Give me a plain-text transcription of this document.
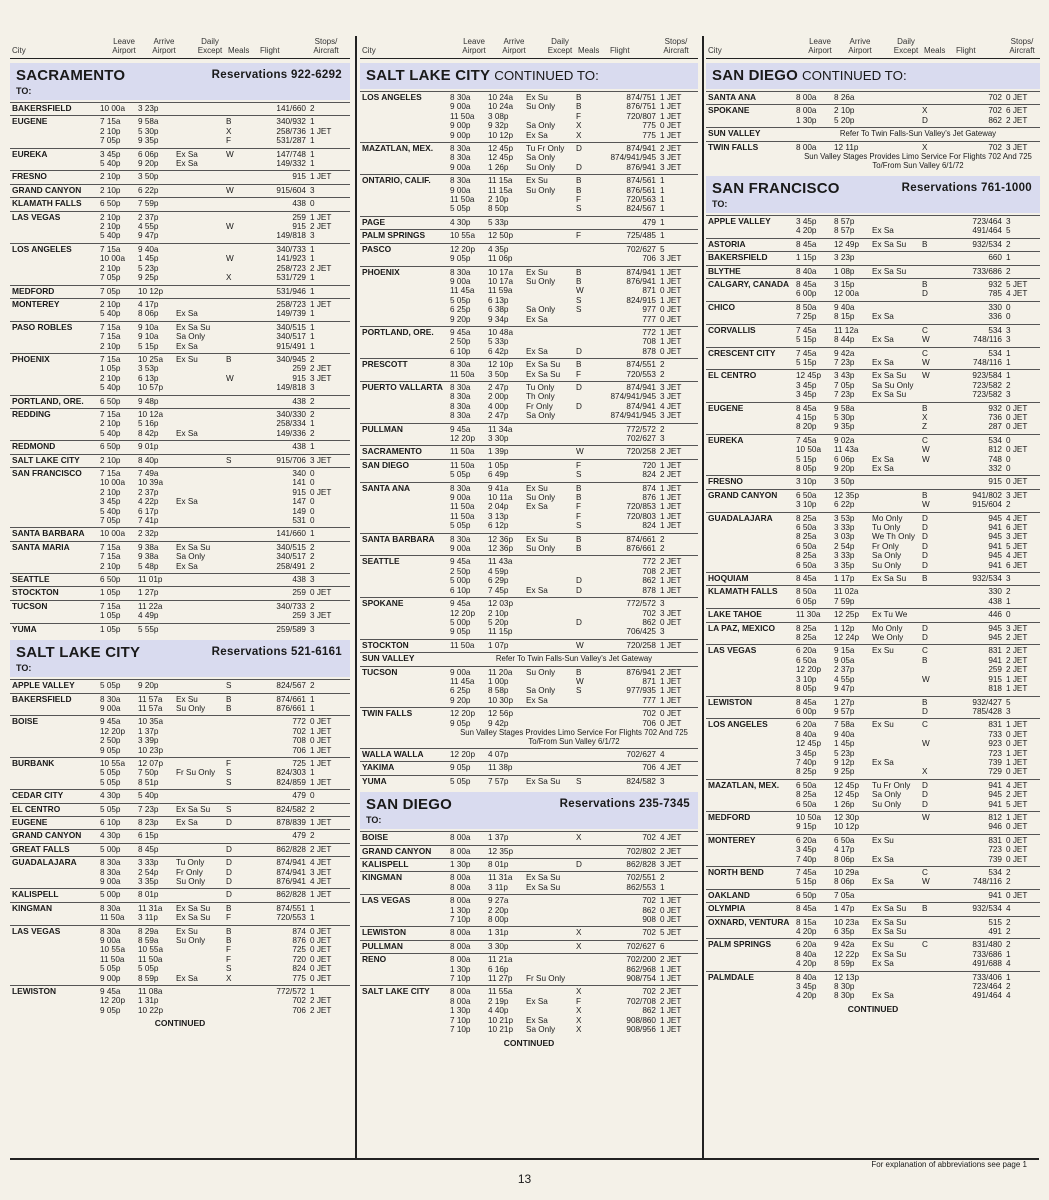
City
Leave Airport
Arrive Airport
Daily Except Meals Flight
Stops/ Aircraft
SACRAMENTO	Reservations 922-6292
TO:
BAKERSFIELD	10 00a	3 23p	141/660 2
EUGENE	7 15a	9 58a	B	340/932 1
2 10p	5 30p	X	258/736 1 JET
7 05p	9 35p	F	531/287 1
EUREKA	3 45p	6 06p	Ex Sa	W	147/748 1
5 40p	9 20p	Ex Sa	149/332 1
FRESNO	2 10p	3 50p	915 1 JET
GRAND CANYON	2 10p	6 22p	W	915/604 3
KLAMATH FALLS	6 50p	7 59p	438 0
LAS VEGAS	2 10p	2 37p	259 1 JET
2 10p	4 55p	W	915 2 JET
5 40p	9 47p	149/818 3
LOS ANGELES	7 15a	9 40a	340/733 1
10 00a	1 45p	W	141/923 1
2 10p	5 23p	258/723 2 JET
7 05p	9 25p	X	531/729 1
MEDFORD	7 05p	10 12p	531/946 1
MONTEREY	2 10p	4 17p	258/723 1 JET
5 40p	8 06p	Ex Sa	149/739 1
PASO ROBLES	7 15a	9 10a	Ex Sa Su	340/515 1
7 15a	9 10a	Sa Only	340/517 1
2 10p	5 15p	Ex Sa	915/491 1
PHOENIX	7 15a	10 25a	Ex Su	B	340/945 2
1 05p	3 53p	259 2 JET
2 10p	6 13p	W	915 3 JET
5 40p	10 57p	149/818 3
PORTLAND, ORE.	6 50p	9 48p	438 2
REDDING	7 15a	10 12a	340/330 2
2 10p	5 16p	258/334 1
5 40p	8 42p	Ex Sa	149/336 2
REDMOND	6 50p	9 01p	438 1
SALT LAKE CITY	2 10p	8 40p	S	915/706 3 JET
SAN FRANCISCO	7 15a	7 49a	340 0
10 00a	10 39a	141 0
2 10p	2 37p	915 0 JET
3 45p	4 22p	Ex Sa	147 0
5 40p	6 17p	149 0
7 05p	7 41p	531 0
SANTA BARBARA	10 00a	2 32p	141/660 1
SANTA MARIA	7 15a	9 38a	Ex Sa Su	340/515 2
7 15a	9 38a	Sa Only	340/517 2
2 10p	5 48p	Ex Sa	258/491 2
SEATTLE	6 50p	11 01p	438 3
STOCKTON	1 05p	1 27p	259 0 JET
TUCSON	7 15a	11 22a	340/733 2
1 05p	4 49p	259 3 JET
YUMA	1 05p	5 55p	259/589 3
SALT LAKE CITY	Reservations 521-6161
TO:
APPLE VALLEY	5 05p	9 20p	S	824/567 2
BAKERSFIELD	8 30a	11 57a	Ex Su	B	874/661 1
9 00a	11 57a	Su Only	B	876/661 1
BOISE	9 45a	10 35a	772 0 JET
12 20p	1 37p	702 1 JET
2 50p	3 39p	708 0 JET
9 05p	10 23p	706 1 JET
BURBANK	10 55a	12 07p	F	725 1 JET
5 05p	7 50p	Fr Su Only	S	824/303 1
5 05p	8 51p	S	824/859 1 JET
CEDAR CITY	4 30p	5 40p	479 0
EL CENTRO	5 05p	7 23p	Ex Sa Su	S	824/582 2
EUGENE	6 10p	8 23p	Ex Sa	D	878/839 1 JET
GRAND CANYON	4 30p	6 15p	479 2
GREAT FALLS	5 00p	8 45p	D	862/828 2 JET
GUADALAJARA	8 30a	3 33p	Tu Only	D	874/941 4 JET
8 30a	2 54p	Fr Only	D	874/941 3 JET
9 00a	3 35p	Su Only	D	876/941 4 JET
KALISPELL	5 00p	8 01p	D	862/828 1 JET
KINGMAN	8 30a	11 31a	Ex Sa Su	B	874/551 1
11 50a	3 11p	Ex Sa Su	F	720/553 1
LAS VEGAS	8 30a	8 29a	Ex Su	B	874 0 JET
9 00a	8 59a	Su Only	B	876 0 JET
10 55a	10 55a	F	725 0 JET
11 50a	11 50a	F	720 0 JET
5 05p	5 05p	S	824 0 JET
9 00p	8 59p	Ex Sa	X	775 0 JET
LEWISTON	9 45a	11 08a	772/572 1
12 20p	1 31p	702 2 JET
9 05p	10 22p	706 2 JET
CONTINUED
City
Leave Airport
Arrive Airport
Daily Except Meals Flight
Stops/ Aircraft
SALT LAKE CITY CONTINUED TO:
LOS ANGELES	8 30a	10 24a	Ex Su	B	874/751 1 JET
9 00a	10 24a	Su Only	B	876/751 1 JET
11 50a	3 08p	F	720/807 1 JET
9 00p	9 32p	Sa Only	X	775 0 JET
9 00p	10 12p	Ex Sa	X	775 1 JET
MAZATLAN, MEX.	8 30a	12 45p	Tu Fr Only	D	874/941 2 JET
8 30a	12 45p	Sa Only	874/941/945 3 JET
9 00a	1 26p	Su Only	D	876/941 3 JET
ONTARIO, CALIF.	8 30a	11 15a	Ex Su	B	874/561 1
9 00a	11 15a	Su Only	B	876/561 1
11 50a	2 10p	F	720/563 1
5 05p	8 50p	S	824/567 1
PAGE	4 30p	5 33p	479 1
PALM SPRINGS	10 55a	12 50p	F	725/485 1
PASCO	12 20p	4 35p	702/627 5
9 05p	11 06p	706 3 JET
PHOENIX	8 30a	10 17a	Ex Su	B	874/941 1 JET
9 00a	10 17a	Su Only	B	876/941 1 JET
11 45a	11 59a	W	871 0 JET
5 05p	6 13p	S	824/915 1 JET
6 25p	6 38p	Sa Only	S	977 0 JET
9 20p	9 34p	Ex Sa	777 0 JET
PORTLAND, ORE.	9 45a	10 48a	772 1 JET
2 50p	5 33p	708 1 JET
6 10p	6 42p	Ex Sa	D	878 0 JET
PRESCOTT	8 30a	12 10p	Ex Sa Su	B	874/551 2
11 50a	3 50p	Ex Sa Su	F	720/553 2
PUERTO VALLARTA 8 30a	2 47p	Tu Only	D	874/941 3 JET
8 30a	2 00p	Th Only	874/941/945 3 JET
8 30a	4 00p	Fr Only	D	874/941 4 JET
8 30a	2 47p	Sa Only	874/941/945 3 JET
PULLMAN	9 45a	11 34a	772/572 2
12 20p	3 30p	702/627 3
SACRAMENTO	11 50a	1 39p	W	720/258 2 JET
SAN DIEGO	11 50a	1 05p	F	720 1 JET
5 05p	6 49p	S	824 2 JET
SANTA ANA	8 30a	9 41a	Ex Su	B	874 1 JET
9 00a	10 11a	Su Only	B	876 1 JET
11 50a	2 04p	Ex Sa	F	720/853 1 JET
11 50a	3 13p	F	720/803 1 JET
5 05p	6 12p	S	824 1 JET
SANTA BARBARA	8 30a	12 36p	Ex Su	B	874/661 2
9 00a	12 36p	Su Only	B	876/661 2
SEATTLE	9 45a	11 43a	772 2 JET
2 50p	4 59p	708 2 JET
5 00p	6 29p	D	862 1 JET
6 10p	7 45p	Ex Sa	D	878 1 JET
SPOKANE	9 45a	12 03p	772/572 3
12 20p	2 10p	702 3 JET
5 00p	5 20p	D	862 0 JET
9 05p	11 15p	706/425 3
STOCKTON	11 50a	1 07p	W	720/258 1 JET
SUN VALLEY	Refer To Twin Falls-Sun Valley's Jet Gateway
TUCSON	9 00a	11 20a	Su Only	B	876/941 2 JET
11 45a	1 00p	W	871 1 JET
6 25p	8 58p	Sa Only	S	977/935 1 JET
9 20p	10 30p	Ex Sa	777 1 JET
TWIN FALLS	12 20p	12 56p	702 0 JET
9 05p	9 42p	706 0 JET
Sun Valley Stages Provides Limo Service For Flights 702 And 725 To/From Sun Valley 6/1/72
WALLA WALLA	12 20p	4 07p	702/627 4
YAKIMA	9 05p	11 38p	706 4 JET
YUMA	5 05p	7 57p	Ex Sa Su	S	824/582 3
SAN DIEGO	Reservations 235-7345
TO:
BOISE	8 00a	1 37p	X	702 4 JET
GRAND CANYON	8 00a	12 35p	702/802 2 JET
KALISPELL	1 30p	8 01p	D	862/828 3 JET
KINGMAN	8 00a	11 31a	Ex Sa Su	702/551 2
8 00a	3 11p	Ex Sa Su	862/553 1
LAS VEGAS	8 00a	9 27a	702 1 JET
1 30p	2 20p	862 0 JET
7 10p	8 00p	908 0 JET
LEWISTON	8 00a	1 31p	X	702 5 JET
PULLMAN	8 00a	3 30p	X	702/627 6
RENO	8 00a	11 21a	702/200 2 JET
1 30p	6 16p	862/968 1 JET
7 10p	11 27p	Fr Su Only	908/754 1 JET
SALT LAKE CITY	8 00a	11 55a	X	702 2 JET
8 00a	2 19p	Ex Sa	F	702/708 2 JET
1 30p	4 40p	X	862 1 JET
7 10p	10 21p	Ex Sa	X	908/860 1 JET
7 10p	10 21p	Sa Only	X	908/956 1 JET
CONTINUED
City
Leave Airport
Arrive Airport
Daily Except Meals Flight
Stops/ Aircraft
SAN DIEGO CONTINUED TO:
SANTA ANA	8 00a	8 26a	702 0 JET
SPOKANE	8 00a	2 10p	X	702 6 JET
1 30p	5 20p	D	862 2 JET
SUN VALLEY	Refer To Twin Falls-Sun Valley's Jet Gateway
TWIN FALLS	8 00a	12 11p	X	702 3 JET
Sun Valley Stages Provides Limo Service For Flights 702 And 725 To/From Sun Valley 6/1/72
SAN FRANCISCO	Reservations 761-1000
TO:
APPLE VALLEY	3 45p	8 57p	723/464 3
4 20p	8 57p	Ex Sa	491/464 5
ASTORIA	8 45a	12 49p	Ex Sa Su	B	932/534 2
BAKERSFIELD	1 15p	3 23p	660 1
BLYTHE	8 40a	1 08p	Ex Sa Su	733/686 2
CALGARY, CANADA 8 45a	3 15p	B	932 5 JET
6 00p	12 00a	D	785 4 JET
CHICO	8 50a	9 40a	330 0
7 25p	8 15p	Ex Sa	336 0
CORVALLIS	7 45a	11 12a	C	534 3
5 15p	8 44p	Ex Sa	W	748/116 3
CRESCENT CITY	7 45a	9 42a	C	534 1
5 15p	7 23p	Ex Sa	W	748/116 1
EL CENTRO	12 45p	3 43p	Ex Sa Su	W	923/584 1
3 45p	7 05p	Sa Su Only	723/582 2
3 45p	7 23p	Ex Sa Su	723/582 3
EUGENE	8 45a	9 58a	B	932 0 JET
4 15p	5 30p	X	736 0 JET
8 20p	9 35p	Z	287 0 JET
EUREKA	7 45a	9 02a	C	534 0
10 50a	11 43a	W	812 0 JET
5 15p	6 06p	Ex Sa	W	748 0
8 05p	9 20p	Ex Sa	332 0
FRESNO	3 10p	3 50p	915 0 JET
GRAND CANYON	6 50a	12 35p	B	941/802 3 JET
3 10p	6 22p	W	915/604 2
GUADALAJARA	8 25a	3 53p	Mo Only	D	945 4 JET
6 50a	3 33p	Tu Only	D	941 6 JET
8 25a	3 03p	We Th Only D	945 3 JET
6 50a	2 54p	Fr Only	D	941 5 JET
8 25a	3 33p	Sa Only	D	945 4 JET
6 50a	3 35p	Su Only	D	941 6 JET
HOQUIAM	8 45a	1 17p	Ex Sa Su	B	932/534 3
KLAMATH FALLS	8 50a	11 02a	330 2
6 05p	7 59p	438 1
LAKE TAHOE	11 30a	12 25p	Ex Tu We	446 0
LA PAZ, MEXICO	8 25a	1 12p	Mo Only	D	945 3 JET
8 25a	12 24p	We Only	D	945 2 JET
LAS VEGAS	6 20a	9 15a	Ex Su	C	831 2 JET
6 50a	9 05a	B	941 2 JET
12 20p	2 37p	259 2 JET
3 10p	4 55p	W	915 1 JET
8 05p	9 47p	818 1 JET
LEWISTON	8 45a	1 27p	B	932/427 5
6 00p	9 57p	D	785/428 3
LOS ANGELES	6 20a	7 58a	Ex Su	C	831 1 JET
8 40a	9 40a	733 0 JET
12 45p	1 45p	W	923 0 JET
3 45p	5 23p	723 1 JET
7 40p	9 12p	Ex Sa	739 1 JET
8 25p	9 25p	X	729 0 JET
MAZATLAN, MEX.	6 50a	12 45p	Tu Fr Only	D	941 4 JET
8 25a	12 45p	Sa Only	D	945 2 JET
6 50a	1 26p	Su Only	D	941 5 JET
MEDFORD	10 50a	12 30p	W	812 1 JET
9 15p	10 12p	946 0 JET
MONTEREY	6 20a	6 50a	Ex Su	831 0 JET
3 45p	4 17p	723 0 JET
7 40p	8 06p	Ex Sa	739 0 JET
NORTH BEND	7 45a	10 29a	C	534 2
5 15p	8 06p	Ex Sa	W	748/116 2
OAKLAND	6 50p	7 05a	941 0 JET
OLYMPIA	8 45a	1 47p	Ex Sa Su	B	932/534 4
OXNARD, VENTURA 8 15a	10 23a	Ex Sa Su	515 2
4 20p	6 35p	Ex Sa Su	491 2
PALM SPRINGS	6 20a	9 42a	Ex Su	C	831/480 2
8 40a	12 22p	Ex Sa Su	733/686 1
4 20p	8 59p	Ex Sa	491/688 4
PALMDALE	8 40a	12 13p	733/406 1
3 45p	8 30p	723/464 2
4 20p	8 30p	Ex Sa	491/464 4
CONTINUED
For explanation of abbreviations see page 1
13
